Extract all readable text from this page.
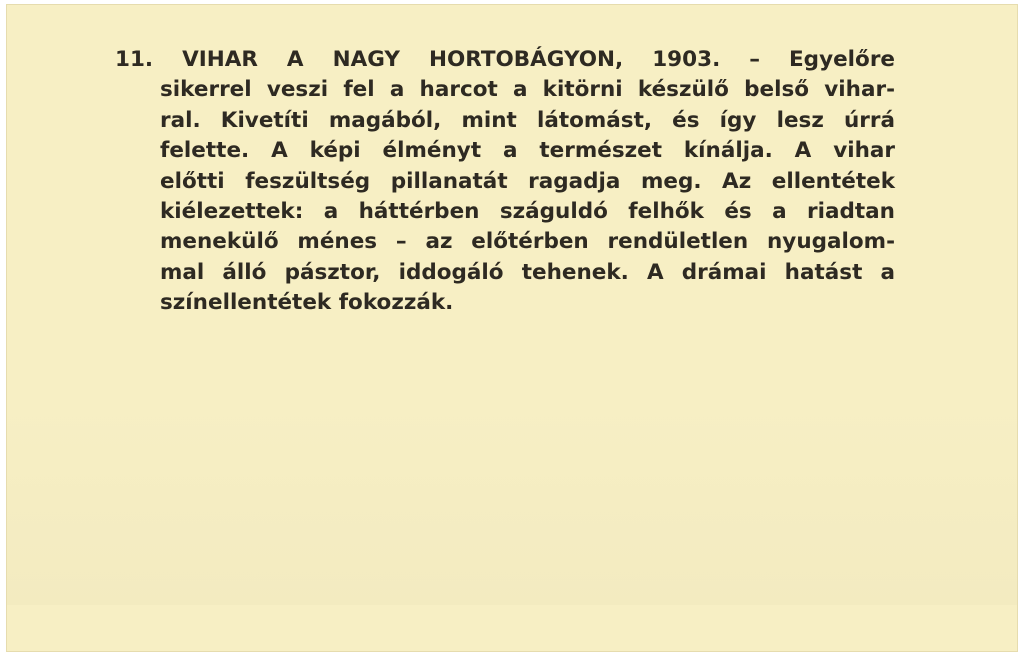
11. VIHAR A NAGY HORTOBÁGYON, 1903. – Egyelőre
sikerrel veszi fel a harcot a kitörni készülő belső vihar-
ral. Kivetíti magából, mint látomást, és így lesz úrrá
felette. A képi élményt a természet kínálja. A vihar
előtti feszültség pillanatát ragadja meg. Az ellentétek
kiélezettek: a háttérben száguldó felhők és a riadtan
menekülő ménes – az előtérben rendületlen nyugalom-
mal álló pásztor, iddogáló tehenek. A drámai hatást a
színellentétek fokozzák.
